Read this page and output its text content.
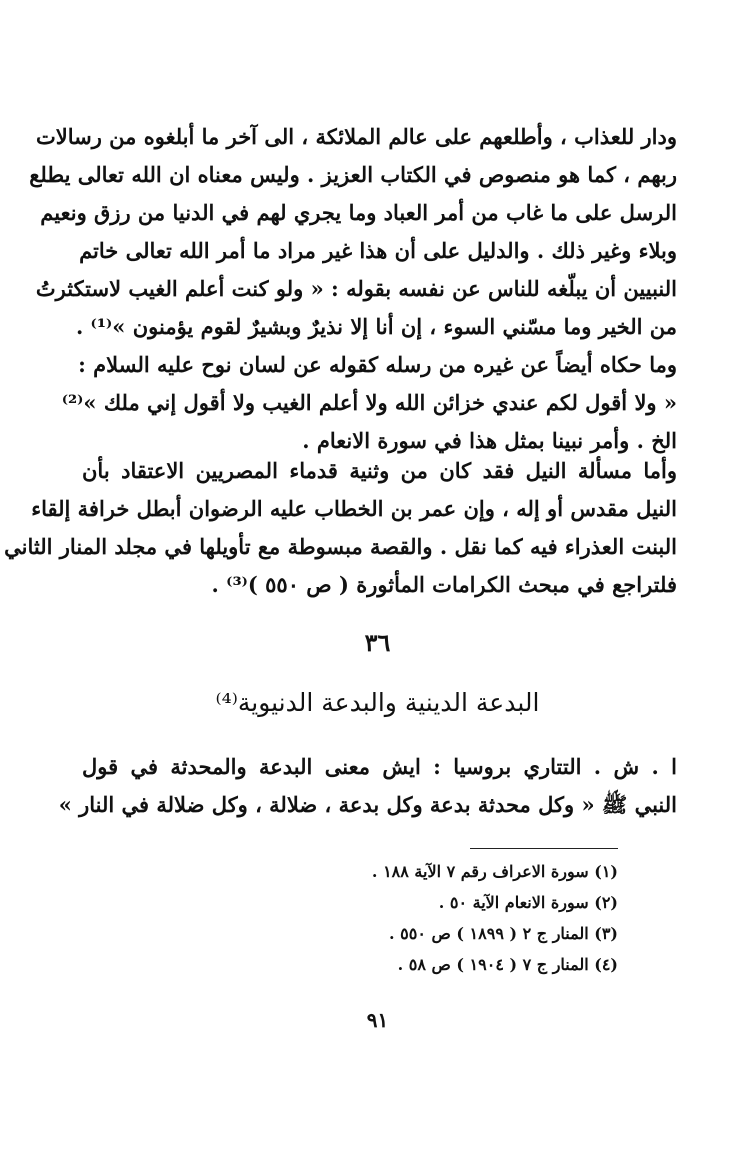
ودار للعذاب ، وأطلعهم على عالم الملائكة ، الى آخر ما أبلغوه من رسالات
ربهم ، كما هو منصوص في الكتاب العزيز . وليس معناه ان الله تعالى يطلع
الرسل على ما غاب من أمر العباد وما يجري لهم في الدنيا من رزق ونعيم
وبلاء وغير ذلك . والدليل على أن هذا غير مراد ما أمر الله تعالى خاتم
النبيين أن يبلّغه للناس عن نفسه بقوله : « ولو كنت أعلم الغيب لاستكثرتُ
من الخير وما مسّني السوء ، إن أنا إلا نذيرٌ وبشيرٌ لقوم يؤمنون »⁽¹⁾ .
وما حكاه أيضاً عن غيره من رسله كقوله عن لسان نوح عليه السلام :
« ولا أقول لكم عندي خزائن الله ولا أعلم الغيب ولا أقول إني ملك »⁽²⁾
الخ . وأمر نبينا بمثل هذا في سورة الانعام .
وأما مسألة النيل فقد كان من وثنية قدماء المصريين الاعتقاد بأن
النيل مقدس أو إله ، وإن عمر بن الخطاب عليه الرضوان أبطل خرافة إلقاء
البنت العذراء فيه كما نقل . والقصة مبسوطة مع تأويلها في مجلد المنار الثاني
فلتراجع في مبحث الكرامات المأثورة ( ص ٥٥٠ )⁽³⁾ .
٣٦
البدعة الدينية والبدعة الدنيوية⁽⁴⁾
ا . ش . التتاري بروسيا : ايش معنى البدعة والمحدثة في قول
النبي ﷺ « وكل محدثة بدعة وكل بدعة ، ضلالة ، وكل ضلالة في النار »
(١) سورة الاعراف رقم ٧ الآية ١٨٨ .
(٢) سورة الانعام الآية ٥٠ .
(٣) المنار ج ٢ ( ١٨٩٩ ) ص ٥٥٠ .
(٤) المنار ج ٧ ( ١٩٠٤ ) ص ٥٨ .
٩١
